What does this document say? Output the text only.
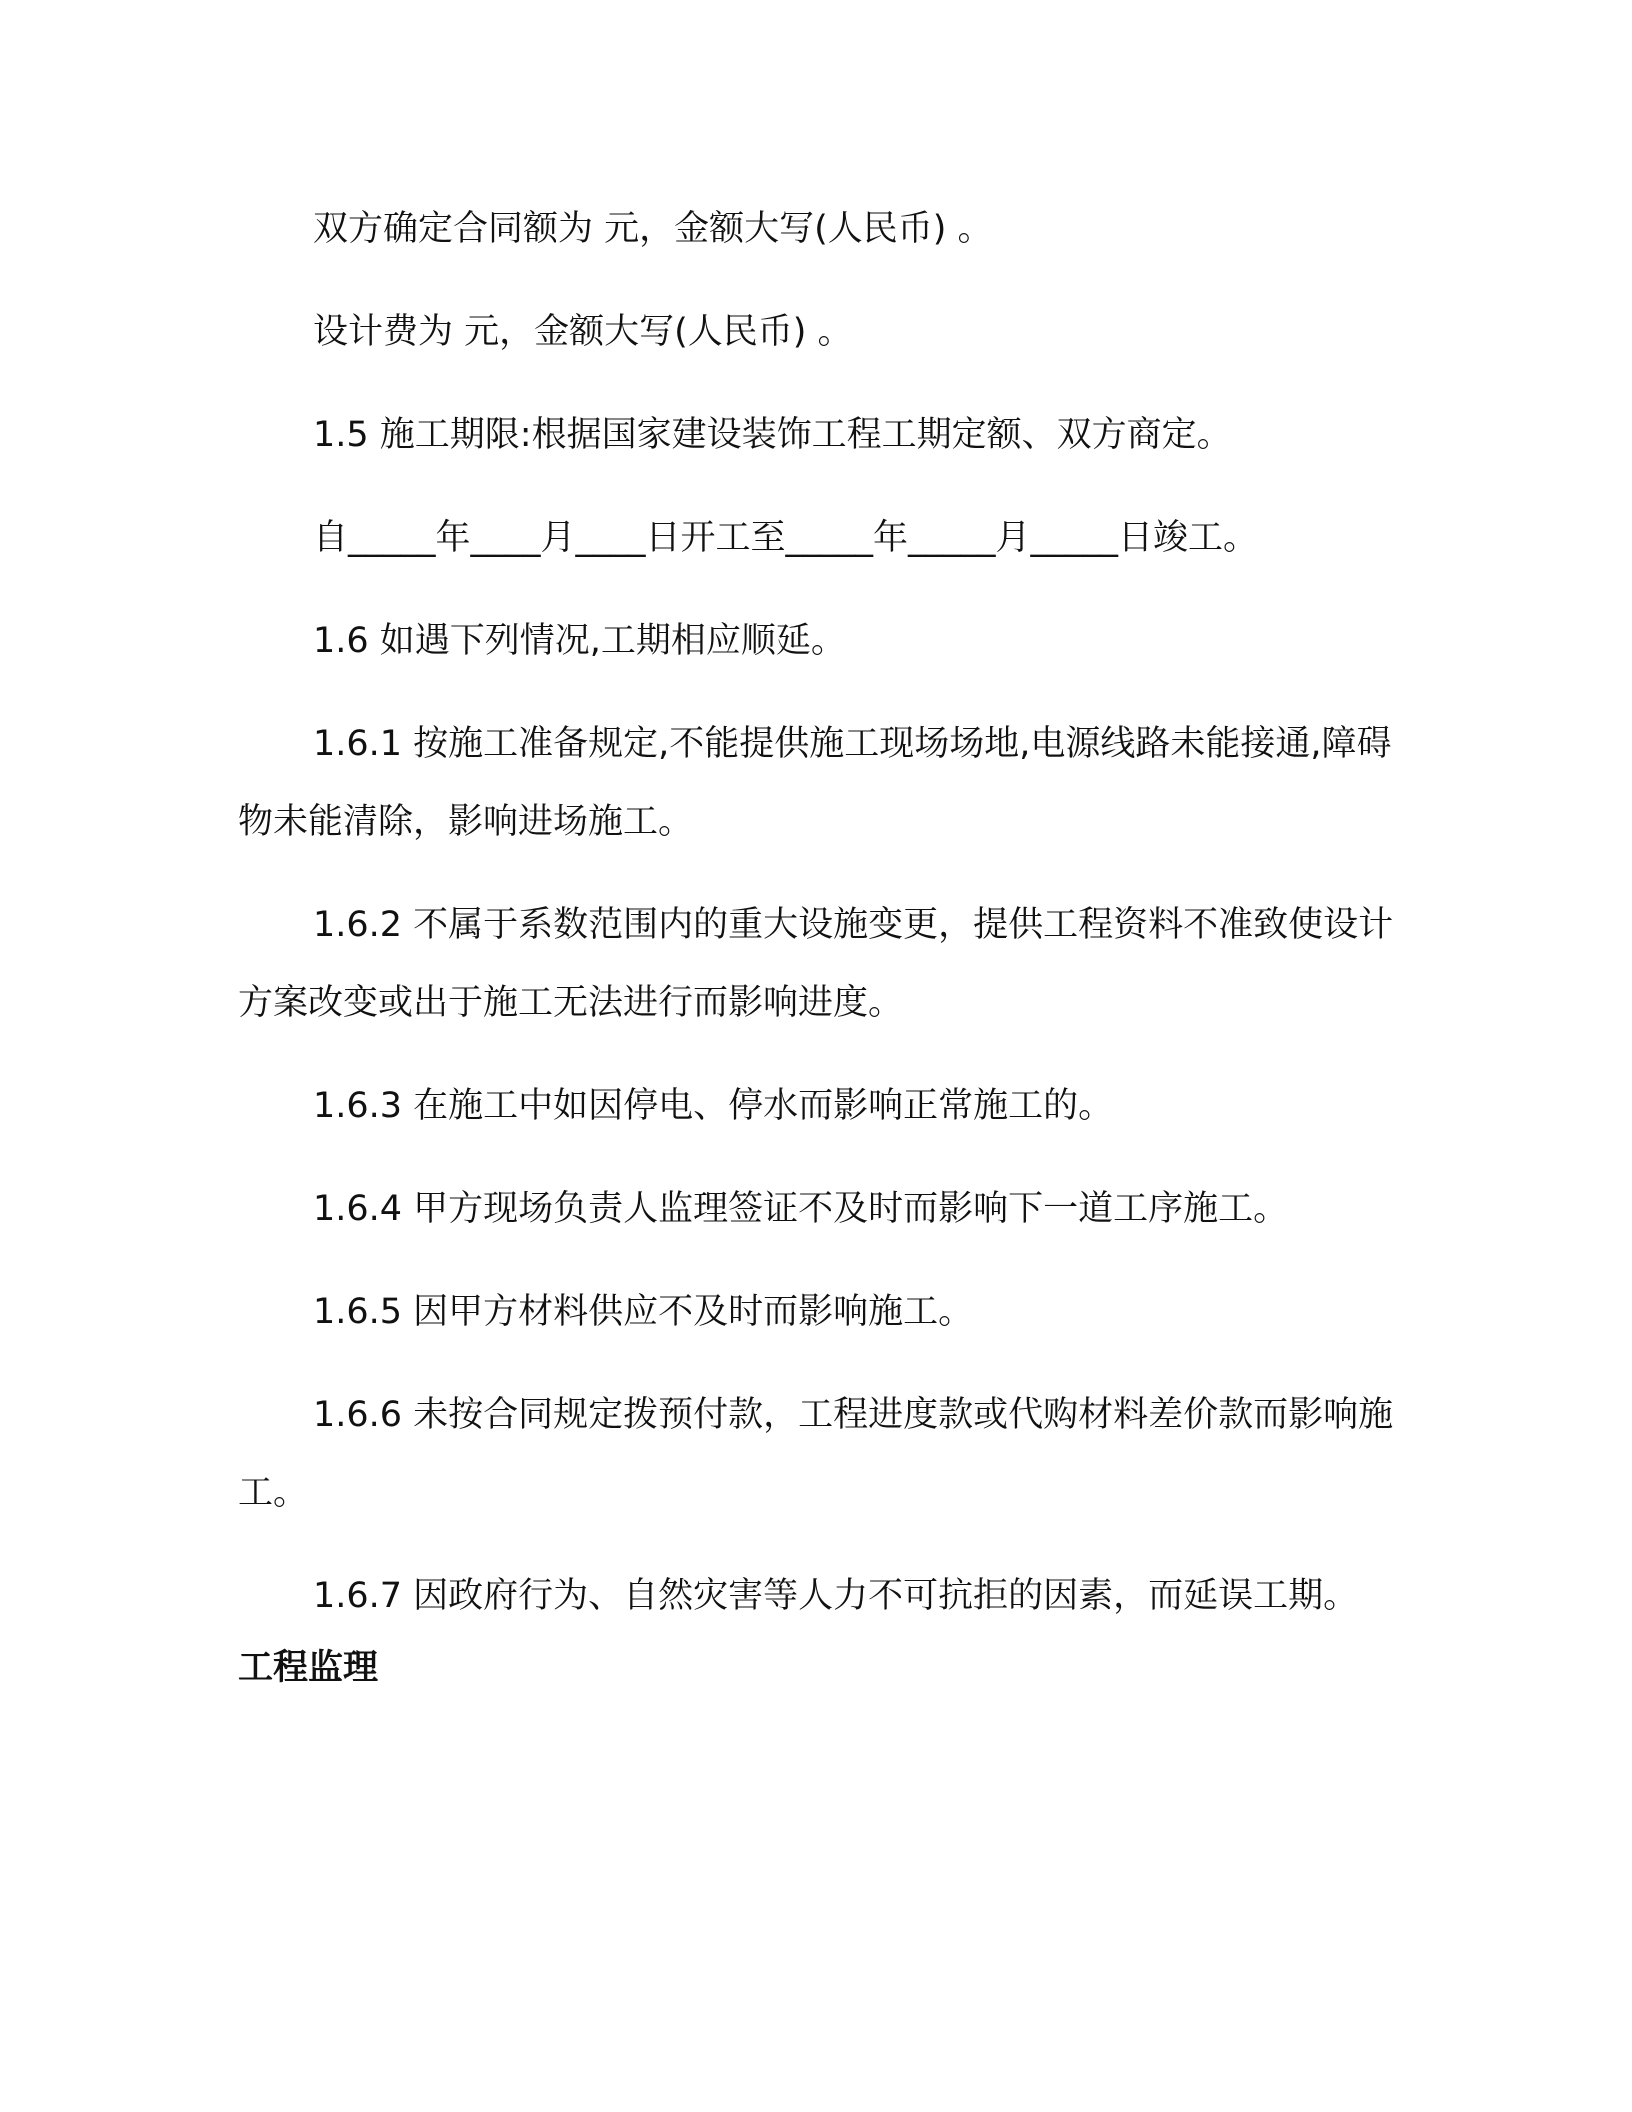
双方确定合同额为 元，金额大写(人民币) 。

设计费为 元，金额大写(人民币) 。

1.5 施工期限:根据国家建设装饰工程工期定额、双方商定。

自_____年____月____日开工至_____年_____月_____日竣工。

1.6 如遇下列情况,工期相应顺延。

1.6.1 按施工准备规定,不能提供施工现场场地,电源线路未能接通,障碍物未能清除，影响进场施工。

1.6.2 不属于系数范围内的重大设施变更，提供工程资料不准致使设计方案改变或出于施工无法进行而影响进度。

1.6.3 在施工中如因停电、停水而影响正常施工的。

1.6.4 甲方现场负责人监理签证不及时而影响下一道工序施工。

1.6.5 因甲方材料供应不及时而影响施工。

1.6.6 未按合同规定拨预付款，工程进度款或代购材料差价款而影响施工。

1.6.7 因政府行为、自然灾害等人力不可抗拒的因素，而延误工期。

工程监理
